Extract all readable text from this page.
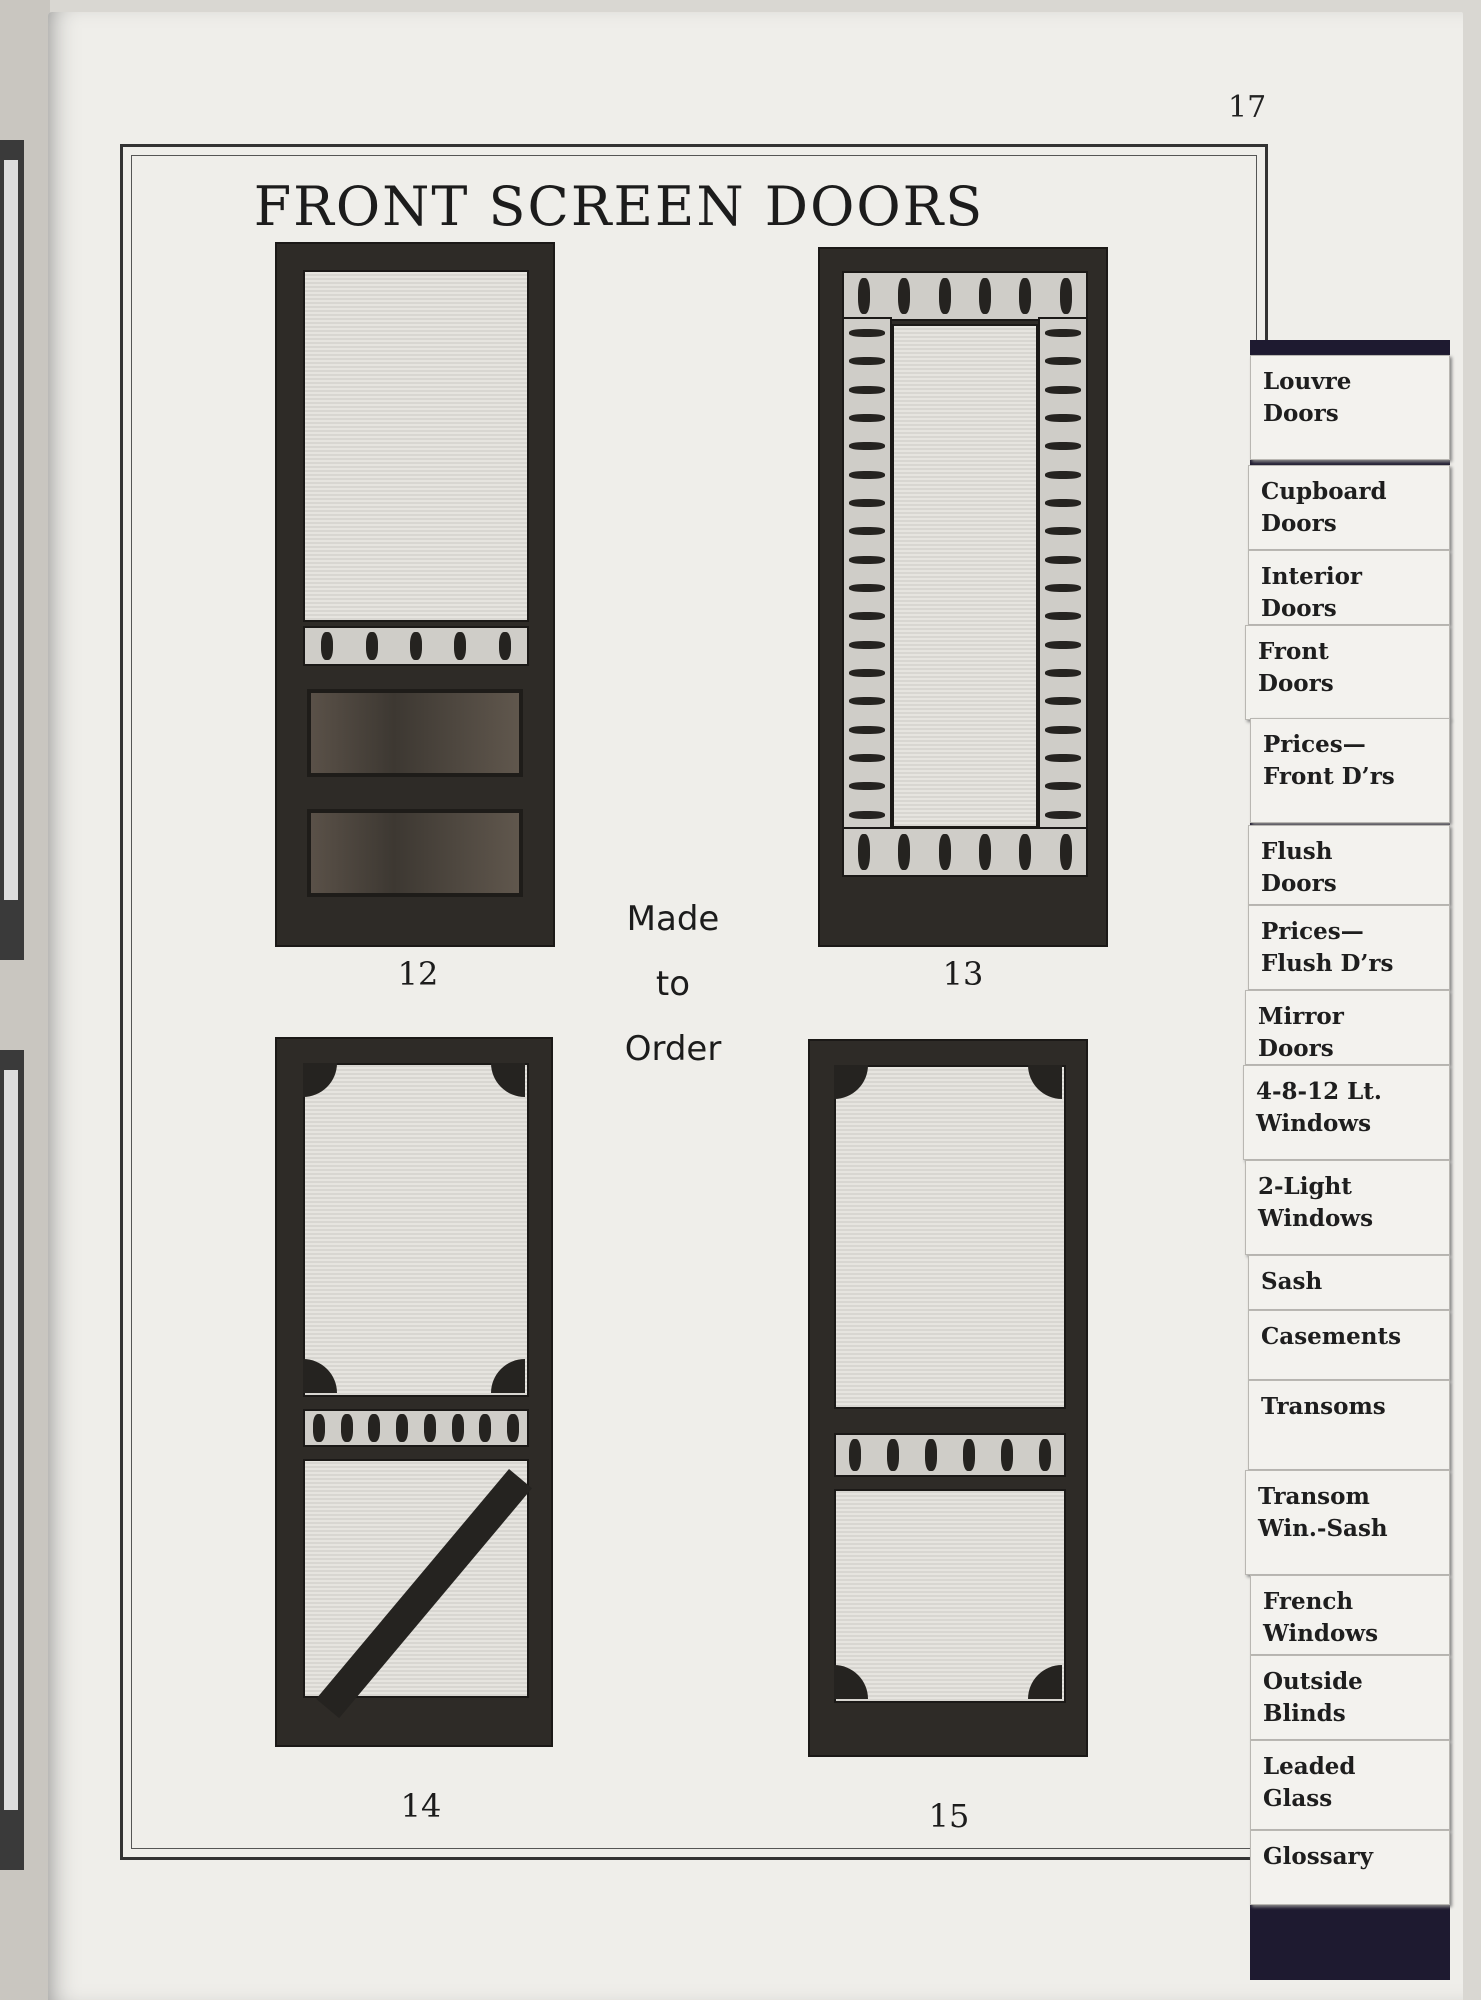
17
FRONT SCREEN DOORS
12	13
Made
to
Order
14	15
Louvre
Doors
Cupboard
Doors
Interior
Doors
Front
Doors
Prices—
Front D’rs
Flush
Doors
Prices—
Flush D’rs
Mirror
Doors
4-8-12 Lt.
Windows
2-Light
Windows
Sash
Casements
Transoms
Transom
Win.-Sash
French
Windows
Outside
Blinds
Leaded
Glass
Glossary
